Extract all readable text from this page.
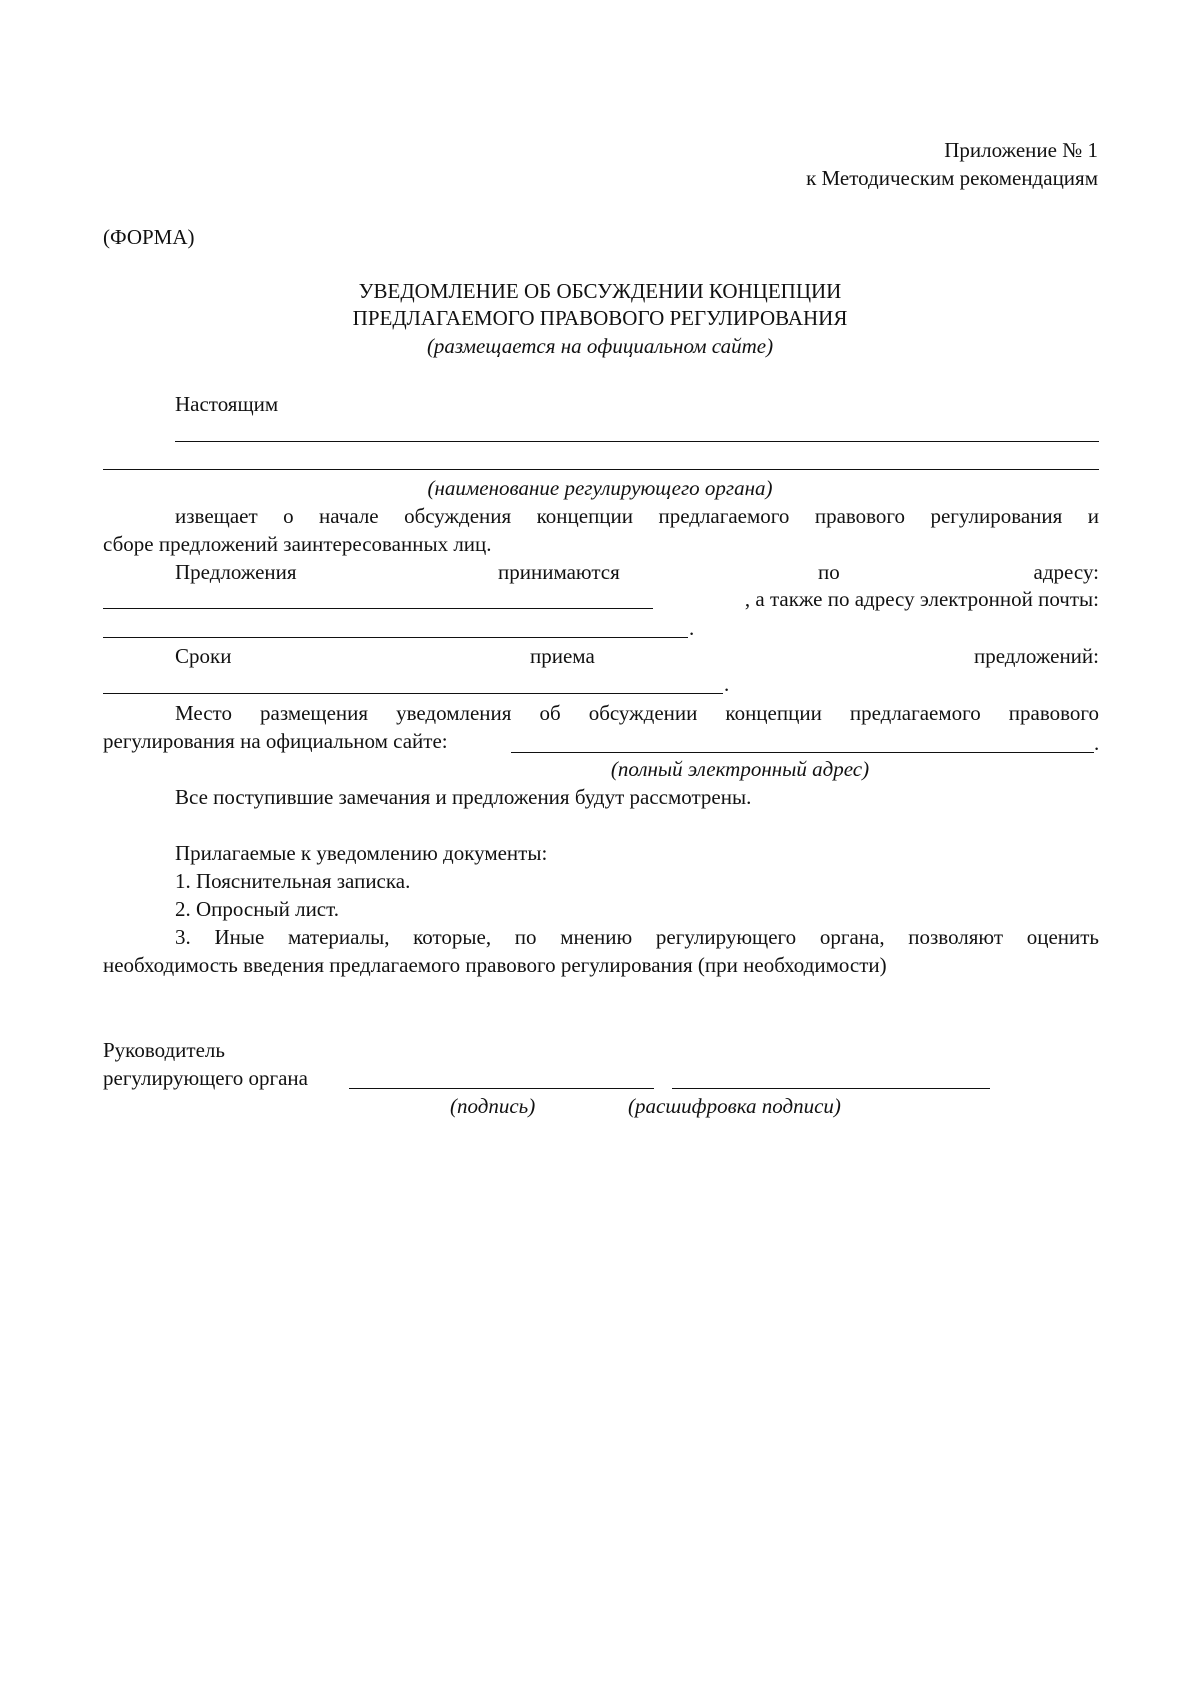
Приложение № 1
к Методическим рекомендациям
(ФОРМА)
УВЕДОМЛЕНИЕ ОБ ОБСУЖДЕНИИ КОНЦЕПЦИИ
ПРЕДЛАГАЕМОГО ПРАВОВОГО РЕГУЛИРОВАНИЯ
(размещается на официальном сайте)
Настоящим
(наименование регулирующего органа)
извещает о начале обсуждения концепции предлагаемого правового регулирования и
сборе предложений заинтересованных лиц.
Предложения	принимаются	по	адресу:
, а также по адресу электронной почты:
.
Сроки	приема	предложений:
.
Место размещения уведомления об обсуждении концепции предлагаемого правового
регулирования на официальном сайте:	.
(полный электронный адрес)
Все поступившие замечания и предложения будут рассмотрены.
Прилагаемые к уведомлению документы:
1. Пояснительная записка.
2. Опросный лист.
3. Иные материалы, которые, по мнению регулирующего органа, позволяют оценить
необходимость введения предлагаемого правового регулирования (при необходимости)
Руководитель
регулирующего органа
(подпись)	(расшифровка подписи)
